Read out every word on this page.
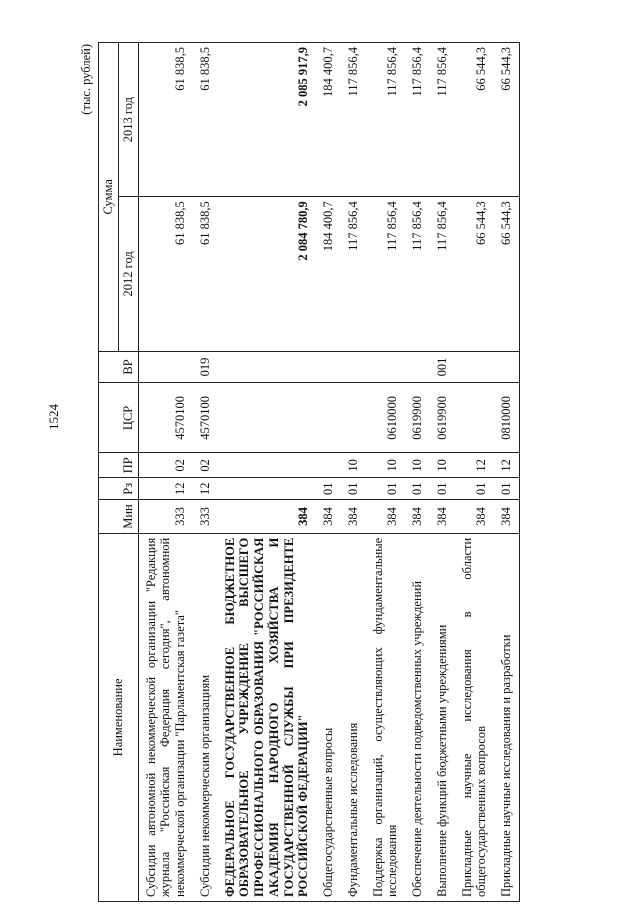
1524
(тыс. рублей)
Наименование	Мин	Рз	ПР	ЦСР	ВР	Сумма	
						2012 год	2013 год
Субсидии автономной некоммерческой организации "Редакция журнала "Российская Федерация сегодня", автономной некоммерческой организации "Парламентская газета"	333	12	02	4570100		61 838,5	61 838,5
Субсидии некоммерческим организациям	333	12	02	4570100	019	61 838,5	61 838,5
ФЕДЕРАЛЬНОЕ ГОСУДАРСТВЕННОЕ БЮДЖЕТНОЕ ОБРАЗОВАТЕЛЬНОЕ УЧРЕЖДЕНИЕ ВЫСШЕГО ПРОФЕССИОНАЛЬНОГО ОБРАЗОВАНИЯ "РОССИЙСКАЯ АКАДЕМИЯ НАРОДНОГО ХОЗЯЙСТВА И ГОСУДАРСТВЕННОЙ СЛУЖБЫ ПРИ ПРЕЗИДЕНТЕ РОССИЙСКОЙ ФЕДЕРАЦИИ"	384					2 084 780,9	2 085 917,9
Общегосударственные вопросы	384	01				184 400,7	184 400,7
Фундаментальные исследования	384	01	10			117 856,4	117 856,4
Поддержка организаций, осуществляющих фундаментальные исследования	384	01	10	0610000		117 856,4	117 856,4
Обеспечение деятельности подведомственных учреждений	384	01	10	0619900		117 856,4	117 856,4
Выполнение функций бюджетными учреждениями	384	01	10	0619900	001	117 856,4	117 856,4
Прикладные научные исследования в области общегосударственных вопросов	384	01	12			66 544,3	66 544,3
Прикладные научные исследования и разработки	384	01	12	0810000		66 544,3	66 544,3
